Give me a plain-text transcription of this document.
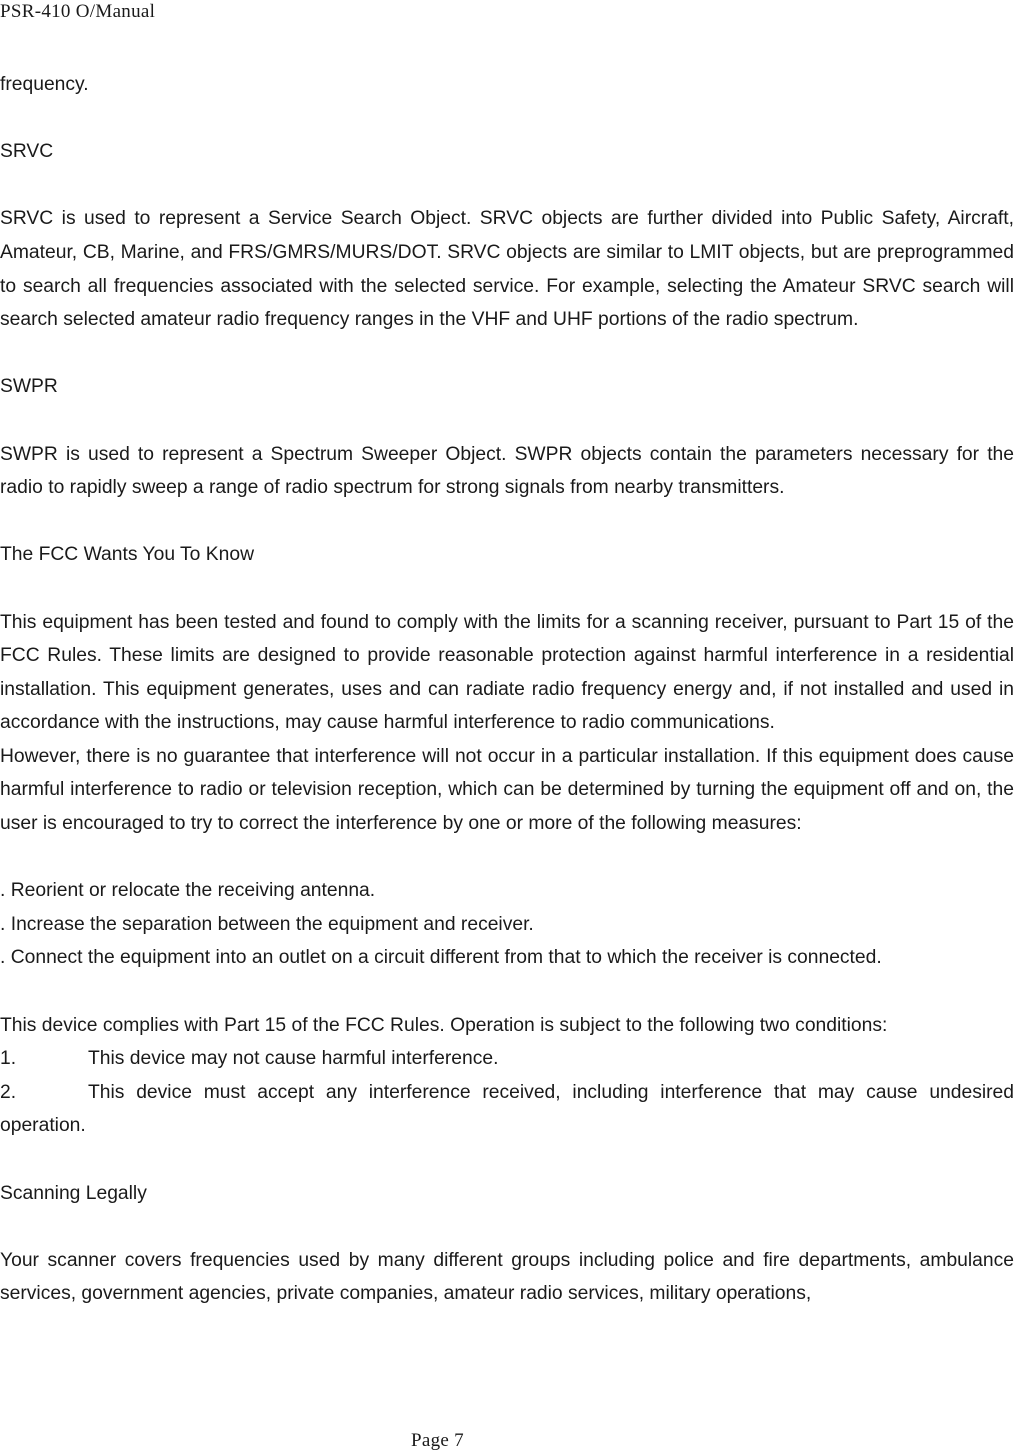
PSR-410 O/Manual

frequency.

SRVC

SRVC is used to represent a Service Search Object. SRVC objects are further divided into Public Safety, Aircraft, Amateur, CB, Marine, and FRS/GMRS/MURS/DOT. SRVC objects are similar to LMIT objects, but are preprogrammed to search all frequencies associated with the selected service. For example, selecting the Amateur SRVC search will search selected amateur radio frequency ranges in the VHF and UHF portions of the radio spectrum.

SWPR

SWPR is used to represent a Spectrum Sweeper Object. SWPR objects contain the parameters necessary for the radio to rapidly sweep a range of radio spectrum for strong signals from nearby transmitters.

The FCC Wants You To Know

This equipment has been tested and found to comply with the limits for a scanning receiver, pursuant to Part 15 of the FCC Rules. These limits are designed to provide reasonable protection against harmful interference in a residential installation. This equipment generates, uses and can radiate radio frequency energy and, if not installed and used in accordance with the instructions, may cause harmful interference to radio communications.

However, there is no guarantee that interference will not occur in a particular installation. If this equipment does cause harmful interference to radio or television reception, which can be determined by turning the equipment off and on, the user is encouraged to try to correct the interference by one or more of the following measures:

. Reorient or relocate the receiving antenna.

. Increase the separation between the equipment and receiver.

. Connect the equipment into an outlet on a circuit different from that to which the receiver is connected.

This device complies with Part 15 of the FCC Rules. Operation is subject to the following two conditions:

1.	This device may not cause harmful interference.

2.	This device must accept any interference received, including interference that may cause undesired operation.

Scanning Legally

Your scanner covers frequencies used by many different groups including police and fire departments, ambulance services, government agencies, private companies, amateur radio services, military operations,

Page 7
